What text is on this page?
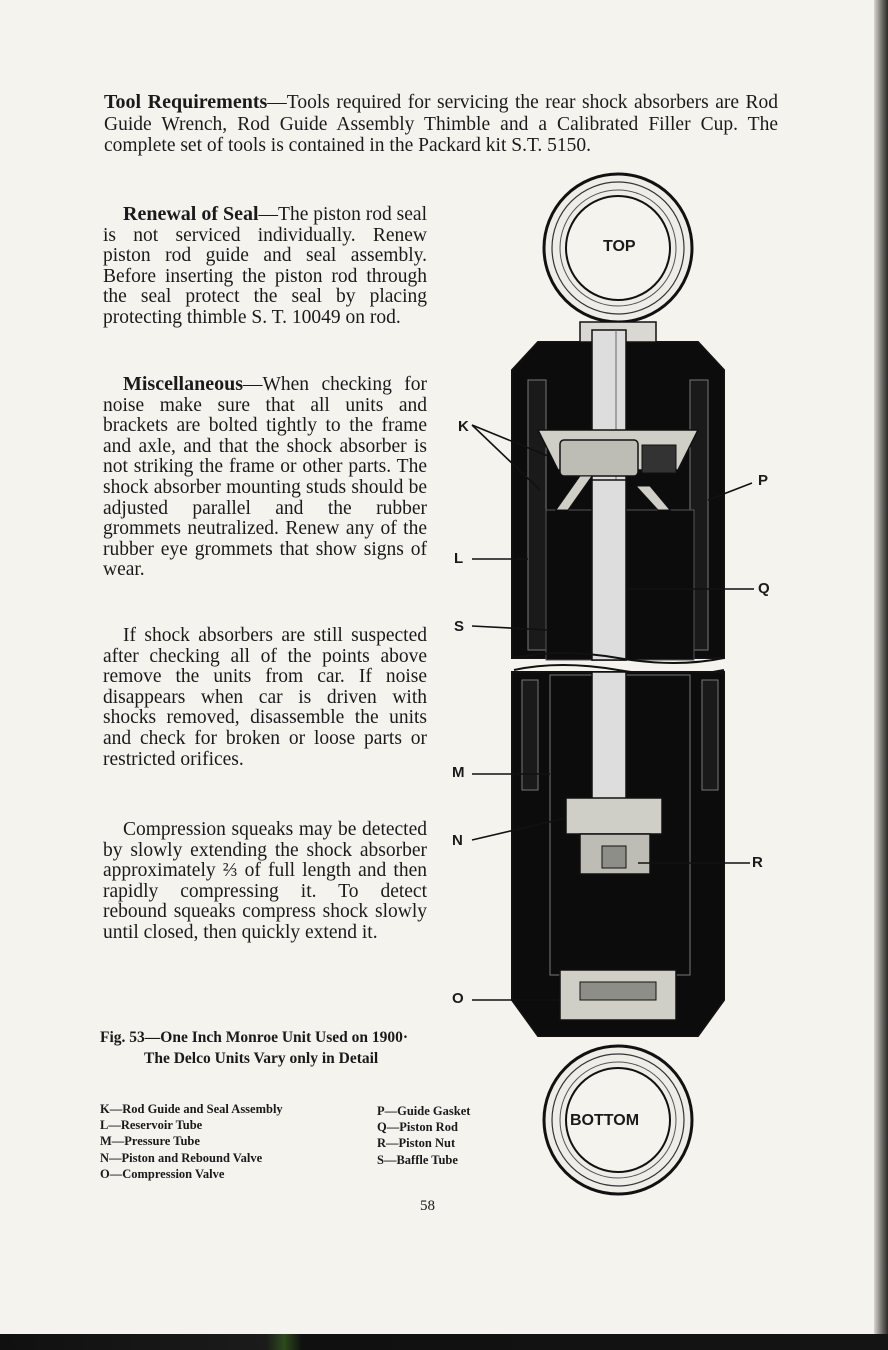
Tool Requirements—Tools required for servicing the rear shock absorbers are Rod Guide Wrench, Rod Guide Assembly Thimble and a Calibrated Filler Cup. The complete set of tools is contained in the Packard kit S.T. 5150.

Renewal of Seal—The piston rod seal is not serviced individually. Renew piston rod guide and seal assembly. Before inserting the piston rod through the seal protect the seal by placing protecting thimble S. T. 10049 on rod.

Miscellaneous—When checking for noise make sure that all units and brackets are bolted tightly to the frame and axle, and that the shock absorber is not striking the frame or other parts. The shock absorber mounting studs should be adjusted parallel and the rubber grommets neutralized. Renew any of the rubber eye grommets that show signs of wear.

If shock absorbers are still suspected after checking all of the points above remove the units from car. If noise disappears when car is driven with shocks removed, disassemble the units and check for broken or loose parts or restricted orifices.

Compression squeaks may be detected by slowly extending the shock absorber approximately ⅔ of full length and then rapidly compressing it. To detect rebound squeaks compress shock slowly until closed, then quickly extend it.

TOP
BOTTOM
K
P
L
Q
S
M
N
R
O

Fig. 53—One Inch Monroe Unit Used on 1900·
The Delco Units Vary only in Detail

K—Rod Guide and Seal Assembly
L—Reservoir Tube
M—Pressure Tube
N—Piston and Rebound Valve
O—Compression Valve
P—Guide Gasket
Q—Piston Rod
R—Piston Nut
S—Baffle Tube
58
